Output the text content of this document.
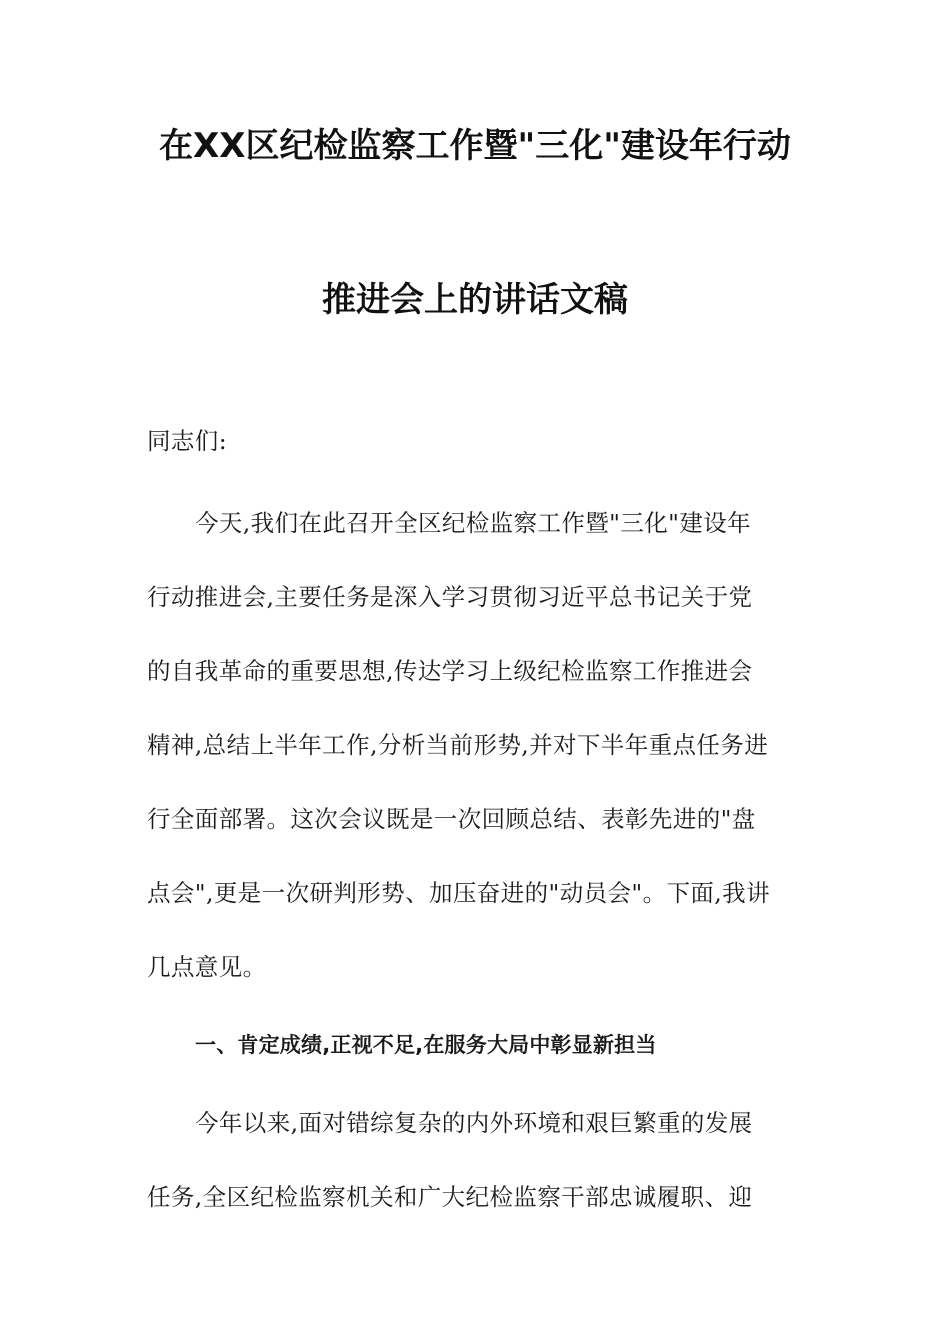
在XX区纪检监察工作暨"三化"建设年行动
推进会上的讲话文稿
同志们:
今天,我们在此召开全区纪检监察工作暨"三化"建设年
行动推进会,主要任务是深入学习贯彻习近平总书记关于党
的自我革命的重要思想,传达学习上级纪检监察工作推进会
精神,总结上半年工作,分析当前形势,并对下半年重点任务进
行全面部署。这次会议既是一次回顾总结、表彰先进的"盘
点会",更是一次研判形势、加压奋进的"动员会"。下面,我讲
几点意见。
一、肯定成绩,正视不足,在服务大局中彰显新担当
今年以来,面对错综复杂的内外环境和艰巨繁重的发展
任务,全区纪检监察机关和广大纪检监察干部忠诚履职、迎
